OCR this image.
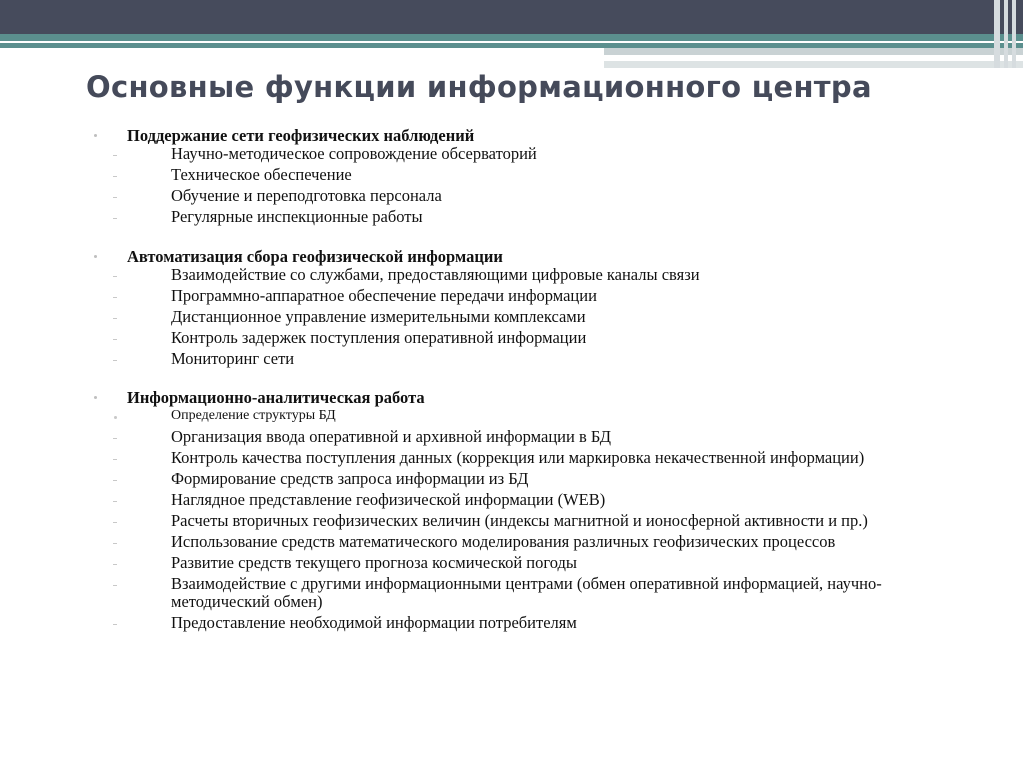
Основные функции информационного центра
Поддержание сети геофизических наблюдений
Научно-методическое сопровождение обсерваторий
Техническое обеспечение
Обучение и переподготовка персонала
Регулярные инспекционные работы
Автоматизация сбора геофизической информации
Взаимодействие со службами, предоставляющими цифровые каналы связи
Программно-аппаратное обеспечение передачи информации
Дистанционное управление измерительными комплексами
Контроль задержек поступления оперативной информации
Мониторинг сети
Информационно-аналитическая работа
Определение структуры БД
Организация ввода оперативной и архивной информации в БД
Контроль качества поступления данных (коррекция или маркировка некачественной информации)
Формирование средств запроса информации из БД
Наглядное представление геофизической информации (WEB)
Расчеты вторичных геофизических величин (индексы магнитной и ионосферной активности и пр.)
Использование средств математического моделирования различных геофизических процессов
Развитие средств текущего прогноза космической погоды
Взаимодействие с другими информационными центрами (обмен оперативной информацией, научно-методический обмен)
Предоставление необходимой информации потребителям
